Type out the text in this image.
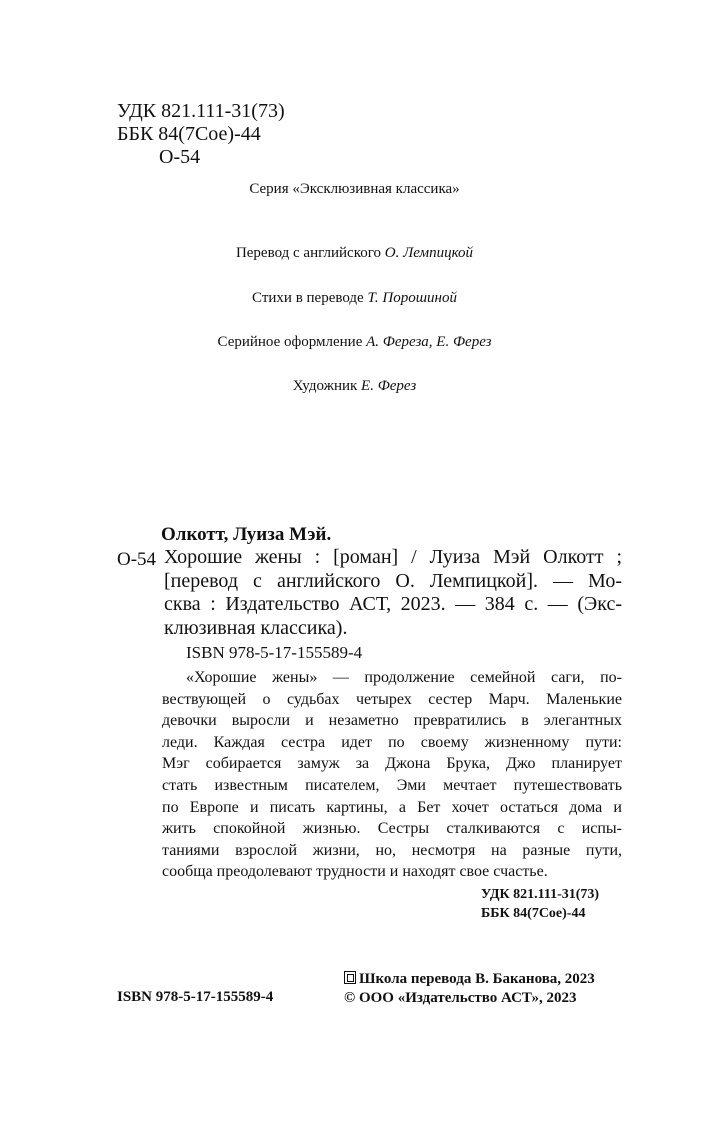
УДК 821.111-31(73)
ББК 84(7Сое)-44
О-54
Серия «Эксклюзивная классика»
Перевод с английского О. Лемпицкой
Стихи в переводе Т. Порошиной
Серийное оформление А. Фереза, Е. Ферез
Художник Е. Ферез
Олкотт, Луиза Мэй.
О-54 Хорошие жены : [роман] / Луиза Мэй Олкотт ;
[перевод с английского О. Лемпицкой]. — Мо-
сква : Издательство АСТ, 2023. — 384 с. — (Экс-
клюзивная классика).
ISBN 978-5-17-155589-4
«Хорошие жены» — продолжение семейной саги, по-
вествующей о судьбах четырех сестер Марч. Маленькие
девочки выросли и незаметно превратились в элегантных
леди. Каждая сестра идет по своему жизненному пути:
Мэг собирается замуж за Джона Брука, Джо планирует
стать известным писателем, Эми мечтает путешествовать
по Европе и писать картины, а Бет хочет остаться дома и
жить спокойной жизнью. Сестры сталкиваются с испы-
таниями взрослой жизни, но, несмотря на разные пути,
сообща преодолевают трудности и находят свое счастье.
УДК 821.111-31(73)
ББК 84(7Сое)-44
ISBN 978-5-17-155589-4
Школа перевода В. Баканова, 2023
© ООО «Издательство АСТ», 2023
